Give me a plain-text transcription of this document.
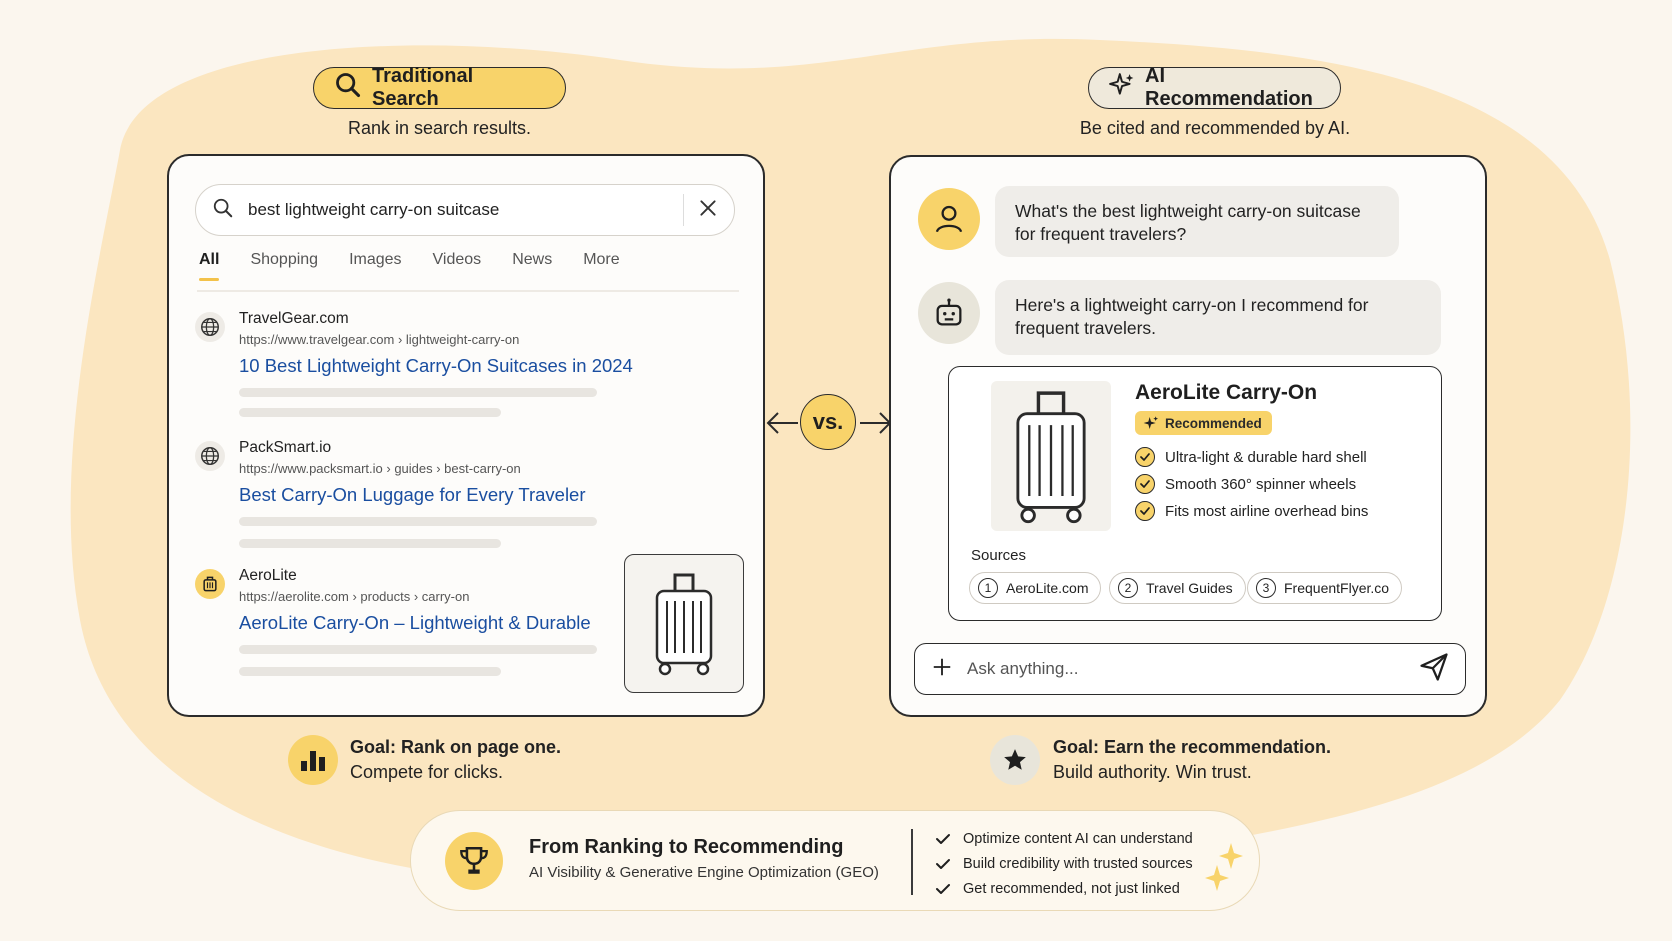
Traditional Search
Rank in search results.
AI Recommendation
Be cited and recommended by AI.
best lightweight carry-on suitcase
All Shopping Images Videos News More
TravelGear.com
https://www.travelgear.com › lightweight-carry-on
10 Best Lightweight Carry-On Suitcases in 2024
PackSmart.io
https://www.packsmart.io › guides › best-carry-on
Best Carry-On Luggage for Every Traveler
AeroLite
https://aerolite.com › products › carry-on
AeroLite Carry-On – Lightweight & Durable
vs.
What's the best lightweight carry-on suitcase for frequent travelers?
Here's a lightweight carry-on I recommend for frequent travelers.
AeroLite Carry-On
Recommended
Ultra-light & durable hard shell
Smooth 360° spinner wheels
Fits most airline overhead bins
Sources
1	AeroLite.com	2	Travel Guides	3	FrequentFlyer.co
Ask anything...
Goal: Rank on page one.
Compete for clicks.
Goal: Earn the recommendation.
Build authority. Win trust.
From Ranking to Recommending
AI Visibility & Generative Engine Optimization (GEO)
Optimize content AI can understand
Build credibility with trusted sources
Get recommended, not just linked
